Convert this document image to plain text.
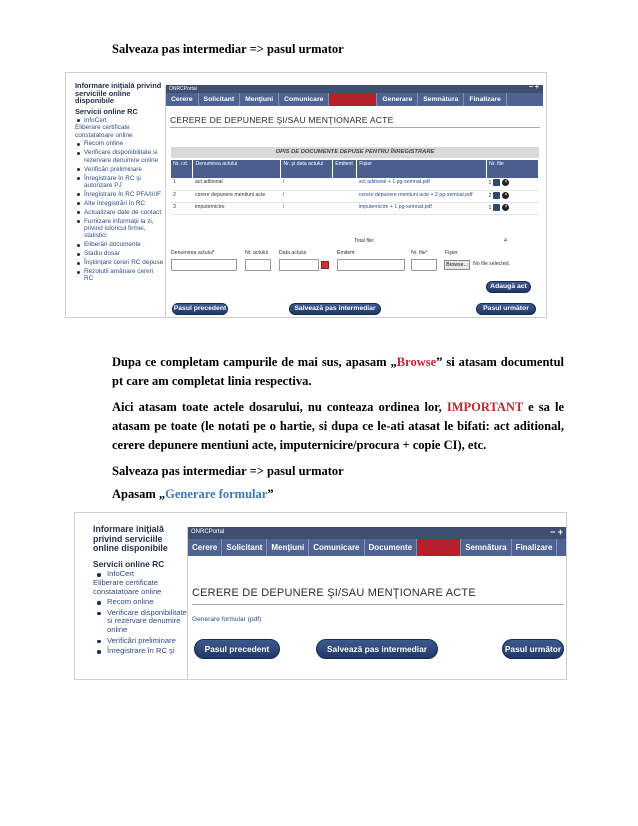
Salveaza pas intermediar => pasul urmator
Dupa ce completam campurile de mai sus, apasam „Browse” si atasam documentul pt care am completat linia respectiva.
Aici atasam toate actele dosarului, nu conteaza ordinea lor, IMPORTANT e sa le atasam pe toate (le notati pe o hartie, si dupa ce le-ati atasat le bifati: act aditional, cerere depunere mentiuni acte, imputernicire/procura + copie CI), etc.
Salveaza pas intermediar => pasul urmator
Apasam „Generare formular”
Informare iniţială privind serviciile online disponibile
Servicii online RC
InfoCert
Eliberare certificate constatatoare online
Recom online
Verificare disponibilitate si rezervare denumire online
Verificări preliminare
Înregistrare în RC şi autorizare PJ
Înregistrare în RC PFA/II/IF
Alte înregistrări în RC
Actualizare date de contact
Furnizare informaţii la zi, privind istoricul firmei, statistici
Eliberări documente
Stadiu dosar
Înştiinţare cereri RC depuse
Rezolutii amânare cereri RC
ONRCPortal	− +
Cerere	Solicitant	Menţiuni	Comunicare	Documente	Generare	Semnătura	Finalizare
CERERE DE DEPUNERE ŞI/SAU MENŢIONARE ACTE
OPIS DE DOCUMENTE DEPUSE PENTRU ÎNREGISTRARE
Nr. crt.	Denumirea actului	Nr. şi data actului	Emitent	Fişier	Nr. file
1	act aditional	/		act aditional + 1 pg-semnat.pdf	1 ×
2	cerere depunere mentiuni acte	/		cerere depunere mentiuni acte + 2 pg-semnat.pdf	2 ×
3	imputernicire	/		imputernicire + 1 pg-semnat.pdf	1 ×
Total file:	4
Denumirea actului*	Nr. actului Data actului	Emitent	Nr. file*	Fişier
Browse... No file selected.
Adaugă act
Pasul precedent	Salvează pas intermediar	Pasul următor
Informare iniţială privind serviciile online disponibile
Servicii online RC
InfoCert
Eliberare certificate constatatoare online
Recom online
Verificare disponibilitate si rezervare denumire online
Verificări preliminare
Înregistrare în RC şi
ONRCPortal	− +
Cerere	Solicitant	Menţiuni	Comunicare	Documente	Generare	Semnătura	Finalizare
CERERE DE DEPUNERE ŞI/SAU MENŢIONARE ACTE
Generare formular (pdf)
Pasul precedent	Salvează pas intermediar	Pasul următor
